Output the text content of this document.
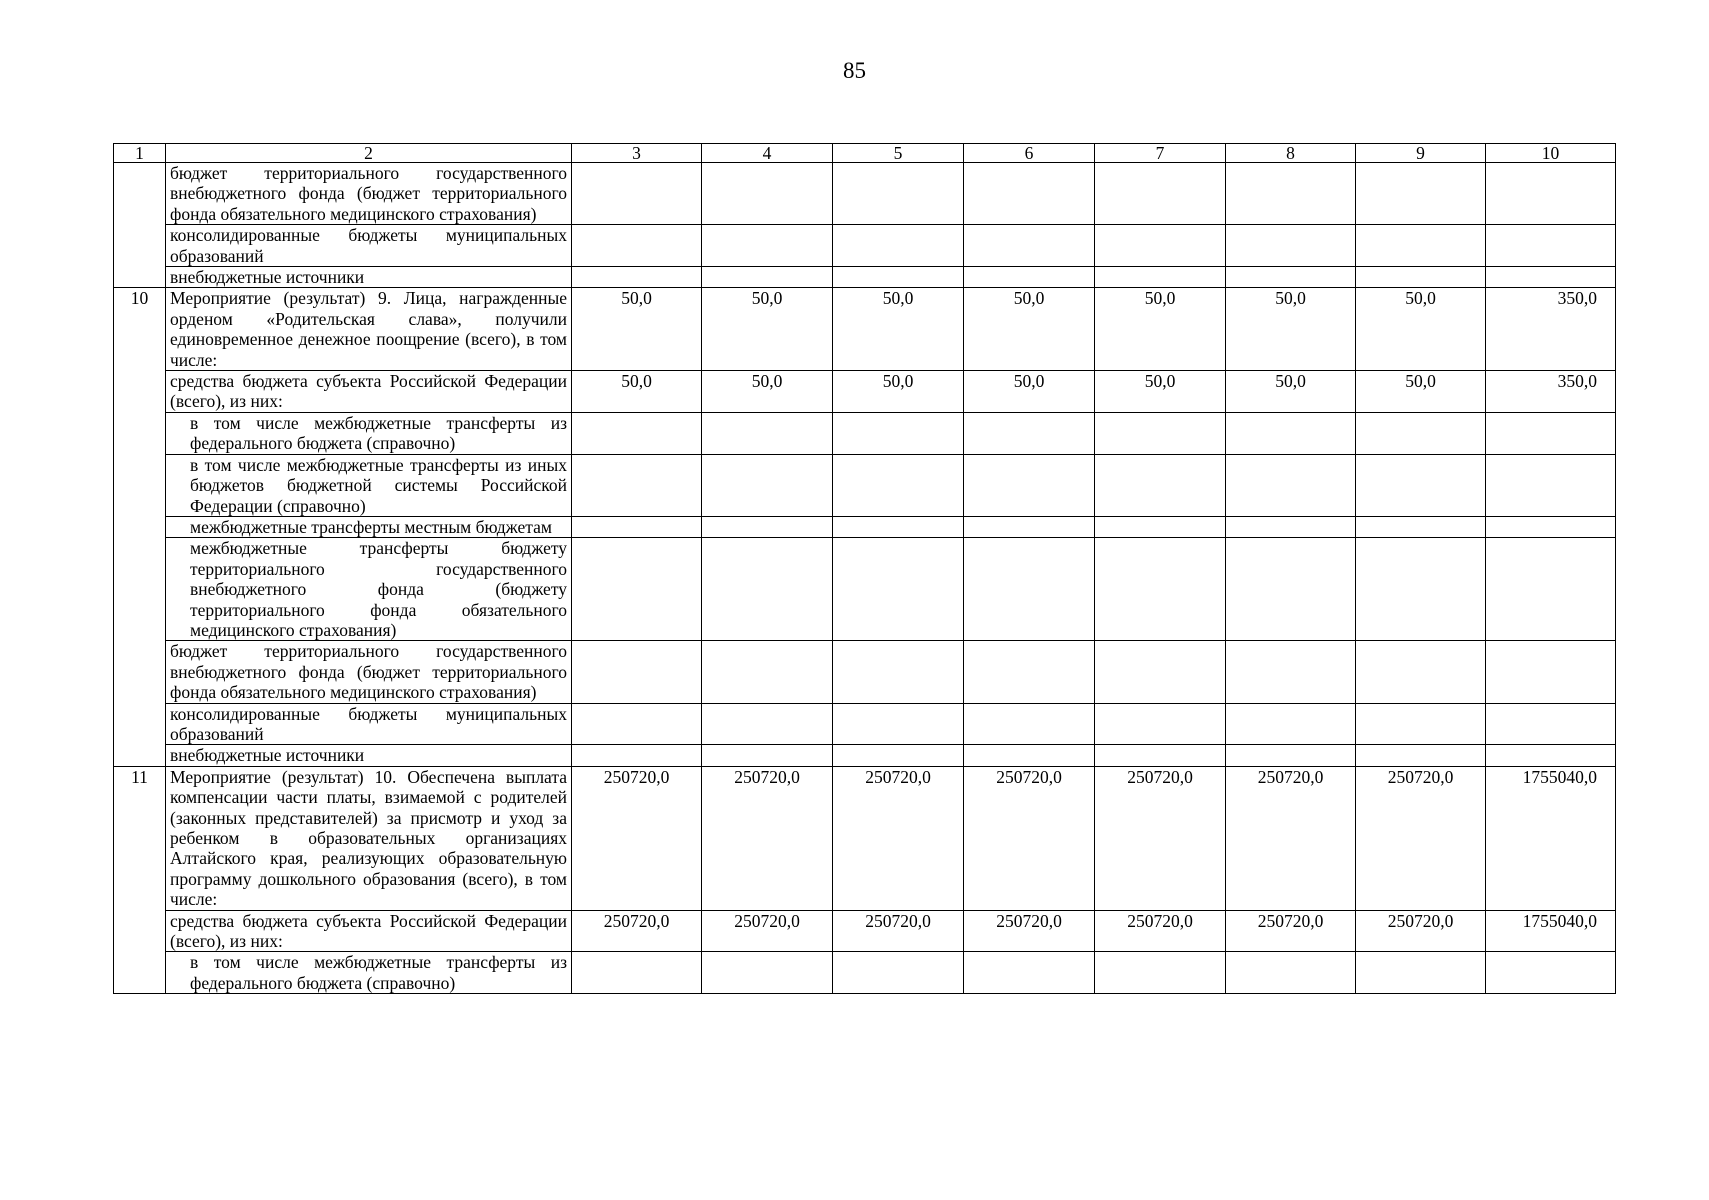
85
1	2	3	4	5	6	7	8	9	10
	бюджет территориального государственного внебюджетного фонда (бюджет территориального фонда обязательного медицинского страхования)								
	консолидированные бюджеты муниципальных образований								
	внебюджетные источники								
10	Мероприятие (результат) 9. Лица, награжденные орденом «Родительская слава», получили единовременное денежное поощрение (всего), в том числе:	50,0	50,0	50,0	50,0	50,0	50,0	50,0	350,0
	средства бюджета субъекта Российской Федерации (всего), из них:	50,0	50,0	50,0	50,0	50,0	50,0	50,0	350,0
	в том числе межбюджетные трансферты из федерального бюджета (справочно)								
	в том числе межбюджетные трансферты из иных бюджетов бюджетной системы Российской Федерации (справочно)								
	межбюджетные трансферты местным бюджетам								
	межбюджетные трансферты бюджету территориального государственного внебюджетного фонда (бюджету территориального фонда обязательного медицинского страхования)								
	бюджет территориального государственного внебюджетного фонда (бюджет территориального фонда обязательного медицинского страхования)								
	консолидированные бюджеты муниципальных образований								
	внебюджетные источники								
11	Мероприятие (результат) 10. Обеспечена выплата компенсации части платы, взимаемой с родителей (законных представителей) за присмотр и уход за ребенком в образовательных организациях Алтайского края, реализующих образовательную программу дошкольного образования (всего), в том числе:	250720,0	250720,0	250720,0	250720,0	250720,0	250720,0	250720,0	1755040,0
	средства бюджета субъекта Российской Федерации (всего), из них:	250720,0	250720,0	250720,0	250720,0	250720,0	250720,0	250720,0	1755040,0
	в том числе межбюджетные трансферты из федерального бюджета (справочно)								
